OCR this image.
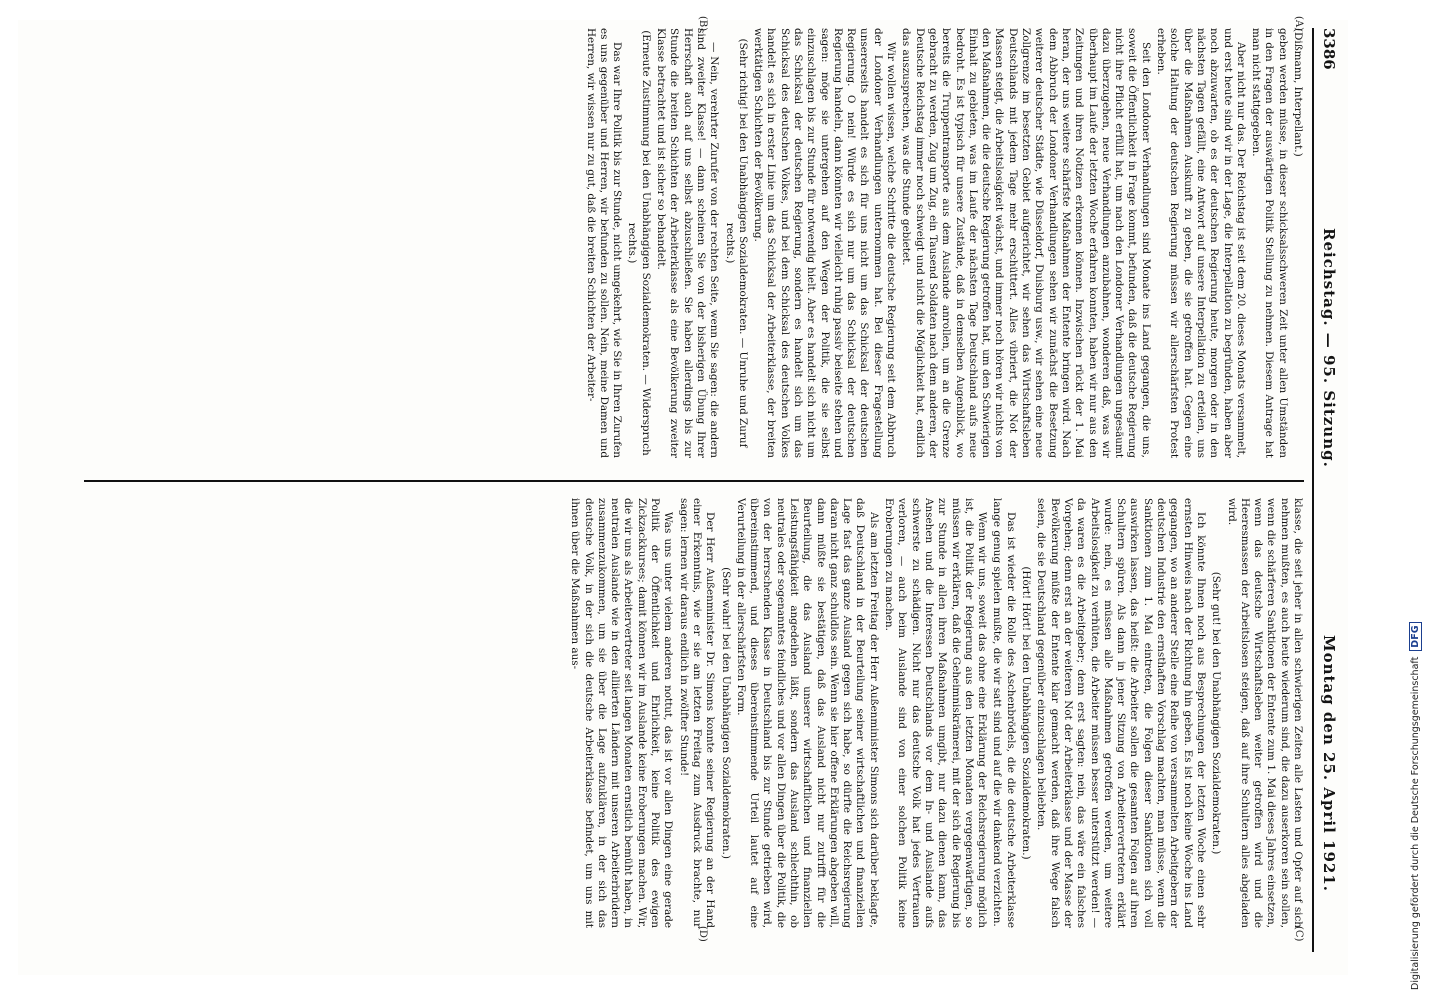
3386
Reichstag. — 95. Sitzung.
Montag den 25. April 1921.

(Dißmann, Interpellant.)

geben werden müsse, in dieser schicksalsschweren Zeit unter allen Umständen in den Fragen der auswärtigen Politik Stellung zu nehmen. Diesem Antrage hat man nicht stattgegeben.

Aber nicht nur das. Der Reichstag ist seit dem 20. dieses Monats versammelt, und erst heute sind wir in der Lage, die Interpellation zu begründen, haben aber noch abzuwarten, ob es der deutschen Regierung heute, morgen oder in den nächsten Tagen gefällt, eine Antwort auf unsere Interpellation zu erteilen, uns über die Maßnahmen Auskunft zu geben, die sie getroffen hat. Gegen eine solche Haltung der deutschen Regierung müssen wir allerschärfsten Protest erheben.

Seit den Londoner Verhandlungen sind Monate ins Land gegangen, die uns, soweit die Öffentlichkeit in Frage kommt, befunden, daß die deutsche Regierung nicht ihre Pflicht erfüllt hat, um nach den Londoner Verhandlungen ungesäumt dazu überzugehen, neue Verhandlungen anzubahnen, wonderen daß, was wir überhaupt im Laufe der letzten Woche erfahren konnten, haben wir nur aus den Zeitungen und ihren Notizen erkennen können. Inzwischen rückt der 1. Mai heran, der uns weitere schärfste Maßnahmen der Entente bringen wird. Nach dem Abbruch der Londoner Verhandlungen sehen wir zunächst die Besetzung weiterer deutscher Städte, wie Düsseldorf, Duisburg usw., wir sehen eine neue Zollgrenze im besetzten Gebiet aufgerichtet, wir sehen das Wirtschaftsleben Deutschlands mit jedem Tage mehr erschüttert. Alles vibriert, die Not der Massen steigt, die Arbeitslosigkeit wächst, und immer noch hören wir nichts von den Maßnahmen, die die deutsche Regierung getroffen hat, um den Schwierigen Einhalt zu gebieten, was im Laufe der nächsten Tage Deutschland aufs neue bedroht. Es ist typisch für unsere Zustände, daß in demselben Augenblick, wo bereits die Truppentransporte aus dem Auslande anrollen, um an die Grenze gebracht zu werden, Zug um Zug, ein Tausend Soldaten nach dem anderen, der Deutsche Reichstag immer noch schweigt und nicht die Möglichkeit hat, endlich das auszusprechen, was die Stunde gebietet.

Wir wollen wissen, welche Schritte die deutsche Regierung seit dem Abbruch der Londoner Verhandlungen unternommen hat. Bei dieser Fragestellung unsererseits handelt es sich für uns nicht um das Schicksal der deutschen Regierung. O nein! Würde es sich nur um das Schicksal der deutschen Regierung handeln, dann könnten wir vielleicht ruhig passiv beiseite stehen und sagen: möge sie untergehen auf den Wegen der Politik, die sie selbst einzuschlagen bis zur Stunde für notwendig hielt. Aber es handelt sich nicht um das Schicksal der deutschen Regierung, sondern es handelt sich um das Schicksal des deutschen Volkes, und bei dem Schicksal des deutschen Volkes handelt es sich in erster Linie um das Schicksal der Arbeiterklasse, der breiten werktätigen Schichten der Bevölkerung.

(Sehr richtig! bei den Unabhängigen Sozialdemokraten. — Unruhe und Zuruf rechts.)

— Nein, verehrter Zurufer von der rechten Seite, wenn Sie sagen: die andern sind zweiter Klasse! — dann scheinen Sie von der bisherigen Übung Ihrer Herrschaft auch auf uns selbst abzuschließen. Sie haben allerdings bis zur Stunde die breiten Schichten der Arbeiterklasse als eine Bevölkerung zweiter Klasse betrachtet und ist sicher so behandelt.

(Erneute Zustimmung bei den Unabhängigen Sozialdemokraten. — Widerspruch rechts.)

Das war Ihre Politik bis zur Stunde, nicht umgekehrt, wie Sie in Ihren Zurufen es uns gegenüber und Herren, wir befunden zu sollen. Nein, meine Damen und Herren, wir wissen nur zu gut, daß die breiten Schichten der Arbeiter-

klasse, die seit jeher in allen schwierigen Zeiten alle Lasten und Opfer auf sich nehmen mußten, es auch heute wiederum sind, die dazu auserkoren sein sollen, wenn die schärferen Sanktionen der Entente zum 1. Mai dieses Jahres einsetzen, wenn das deutsche Wirtschaftsleben weiter getroffen wird und die Heeresmassen der Arbeitslosen steigen, daß auf ihre Schultern alles abgeladen wird.

(Sehr gut! bei den Unabhängigen Sozialdemokraten.)

Ich könnte Ihnen noch aus Besprechungen der letzten Woche einen sehr ernsten Hinweis nach der Richtung hin geben. Es ist noch keine Woche ins Land gegangen, wo an anderer Stelle eine Reihe von versammelten Arbeitgebern der deutschen Industrie den ernsthaften Vorschlag machten, man müsse, wenn die Sanktionen zum 1. Mai eintreten, die Folgen dieser Sanktionen sich voll auswirken lassen, das heißt: die Arbeiter sollen die gesamten Folgen auf ihren Schultern spüren. Als dann in jener Sitzung von Arbeitervertretern erklärt wurde: nein, es müssen alle Maßnahmen getroffen werden, um weitere Arbeitslosigkeit zu verhüten, die Arbeiter müssen besser unterstützt werden! — da waren es die Arbeitgeber; denn erst sagten: nein, das wäre ein falsches Vorgehen; denn erst an der weiteren Not der Arbeiterklasse und der Masse der Bevölkerung müßte der Entente klar gemacht werden, daß ihre Wege falsch seien, die sie Deutschland gegenüber einzuschlagen beliebten.

(Hört! Hört! bei den Unabhängigen Sozialdemokraten.)

Das ist wieder die Rolle des Aschenbrödels, die die deutsche Arbeiterklasse lange genug spielen mußte, die wir satt sind und auf die wir dankend verzichten.

Wenn wir uns, soweit das ohne eine Erklärung der Reichsregierung möglich ist, die Politik der Regierung aus den letzten Monaten vergegenwärtigen, so müssen wir erklären, daß die Geheimniskrämerei, mit der sich die Regierung bis zur Stunde in allen ihren Maßnahmen umgibt, nur dazu dienen kann, das Ansehen und die Interessen Deutschlands vor dem In- und Auslande aufs schwerste zu schädigen. Nicht nur das deutsche Volk hat jedes Vertrauen verloren, — auch beim Auslande sind von einer solchen Politik keine Eroberungen zu machen.

Als am letzten Freitag der Herr Außenminister Simons sich darüber beklagte, daß Deutschland in der Beurteilung seiner wirtschaftlichen und finanziellen Lage fast das ganze Ausland gegen sich habe, so dürfte die Reichsregierung daran nicht ganz schuldlos sein. Wenn sie hier offene Erklärungen abgeben will, dann müßte sie bestätigen, daß das Ausland nicht nur zutrifft für die Beurteilung, die das Ausland unserer wirtschaftlichen und finanziellen Leistungsfähigkeit angedeihen läßt, sondern das Ausland schlechthin, ob neutrales oder sogenanntes feindliches und vor allen Dingen über die Politik, die von der herrschenden Klasse in Deutschland bis zur Stunde getrieben wird, übereinstimmend, und dieses übereinstimmende Urteil lautet auf eine Verurteilung in der allerschärfsten Form.

(Sehr wahr! bei den Unabhängigen Sozialdemokraten.)

Der Herr Außenminister Dr. Simons konnte seiner Regierung an der Hand einer Erkenntnis, wie er sie am letzten Freitag zum Ausdruck brachte, nur sagen: lernen wir daraus endlich in zwölfter Stunde!

Was uns unter vielem anderen nottut, das ist vor allen Dingen eine gerade Politik der Öffentlichkeit und Ehrlichkeit, keine Politik des ewigen Zickzackkurses; damit können wir im Auslande keine Eroberungen machen. Wir, die wir uns als Arbeitervertreter seit langen Monaten ernstlich bemüht haben, in neutralen Auslande wie in den alliierten Ländern mit unseren Arbeiterbrüdern zusammenzukommen, um sie über die Lage aufzuklären, in der sich das deutsche Volk, in der sich die deutsche Arbeiterklasse befindet, um uns mit ihnen über die Maßnahmen aus-

(A)
(B)
(C)
(D)	Digitalisierung gefördert durch die Deutsche ForschungsgemeinschaftDFG
